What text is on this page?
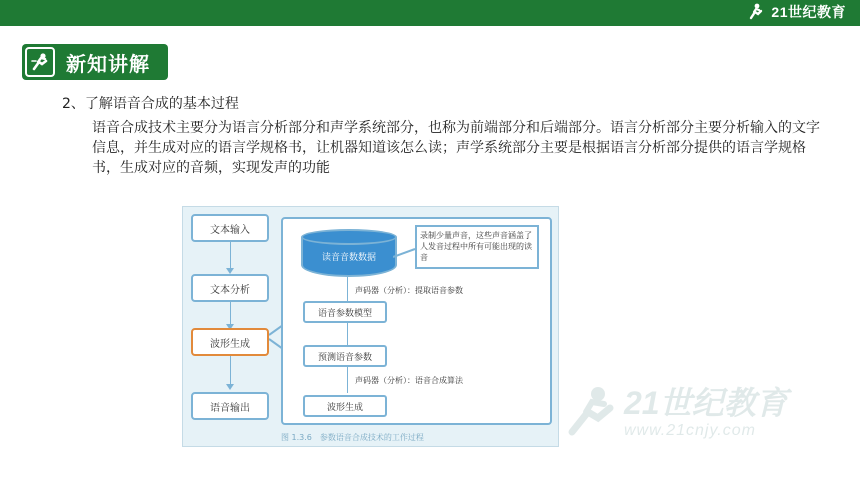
21世纪教育
新知讲解
2、了解语音合成的基本过程
语音合成技术主要分为语言分析部分和声学系统部分，也称为前端部分和后端部分。语言分析部分主要分析输入的文字信息，并生成对应的语言学规格书，让机器知道该怎么读；声学系统部分主要是根据语言分析部分提供的语言学规格书，生成对应的音频，实现发声的功能
文本输入
文本分析
波形生成
语音输出
读音音数数据
录制少量声音，这些声音涵盖了人发音过程中所有可能出现的读音
声码器（分析）：提取语音参数
语音参数模型
预测语音参数
声码器（分析）：语音合成算法
波形生成
图 1.3.6　参数语音合成技术的工作过程
21世纪教育
www.21cnjy.com
